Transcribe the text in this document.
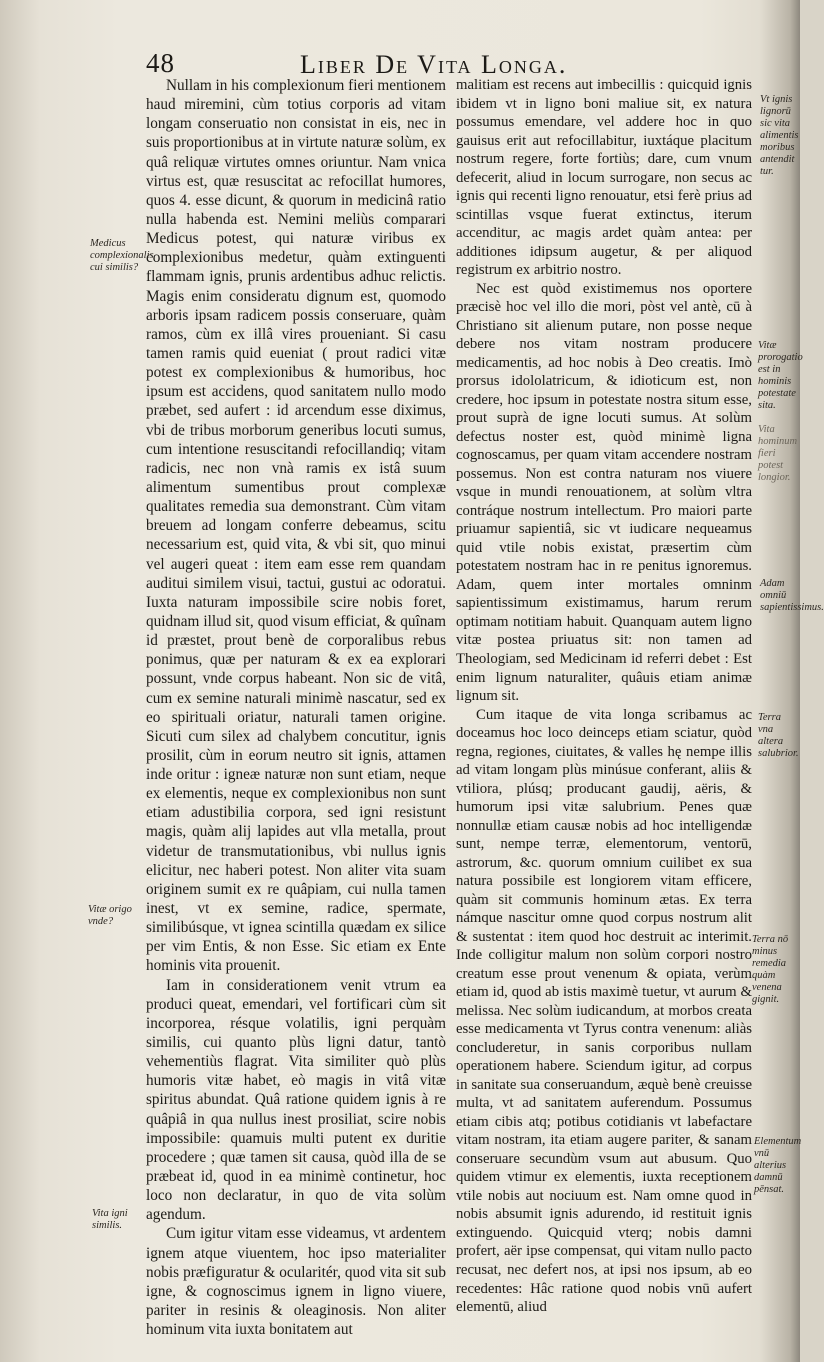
48	Liber De Vita Longa.

Nullam in his complexionum fieri mentionem haud miremini, cùm totius corporis ad vitam longam conseruatio non consistat in eis, nec in suis proportionibus at in virtute naturæ solùm, ex quâ reliquæ virtutes omnes oriuntur. Nam vnica virtus est, quæ resuscitat ac refocillat humores, quos 4. esse dicunt, & quorum in medicinâ ratio nulla habenda est. Nemini meliùs comparari Medicus potest, qui naturæ viribus ex complexionibus medetur, quàm extinguenti flammam ignis, prunis ardentibus adhuc relictis. Magis enim consideratu dignum est, quomodo arboris ipsam radicem possis conseruare, quàm ramos, cùm ex illâ vires proueniant. Si casu tamen ramis quid eueniat ( prout radici vitæ potest ex complexionibus & humoribus, hoc ipsum est accidens, quod sanitatem nullo modo præbet, sed aufert : id arcendum esse diximus, vbi de tribus morborum generibus locuti sumus, cum intentione resuscitandi refocillandiq; vitam radicis, nec non vnà ramis ex istâ suum alimentum sumentibus prout complexæ qualitates remedia sua demonstrant. Cùm vitam breuem ad longam conferre debeamus, scitu necessarium est, quid vita, & vbi sit, quo minui vel augeri queat : item eam esse rem quandam auditui similem visui, tactui, gustui ac odoratui. Iuxta naturam impossibile scire nobis foret, quidnam illud sit, quod visum efficiat, & quînam id præstet, prout benè de corporalibus rebus ponimus, quæ per naturam & ex ea explorari possunt, vnde corpus habeant. Non sic de vitâ, cum ex semine naturali minimè nascatur, sed ex eo spirituali oriatur, naturali tamen origine. Sicuti cum silex ad chalybem concutitur, ignis prosilit, cùm in eorum neutro sit ignis, attamen inde oritur : igneæ naturæ non sunt etiam, neque ex elementis, neque ex complexionibus non sunt etiam adustibilia corpora, sed igni resistunt magis, quàm alij lapides aut vlla metalla, prout videtur de transmutationibus, vbi nullus ignis elicitur, nec haberi potest. Non aliter vita suam originem sumit ex re quâpiam, cui nulla tamen inest, vt ex semine, radice, spermate, similibúsque, vt ignea scintilla quædam ex silice per vim Entis, & non Esse. Sic etiam ex Ente hominis vita prouenit.

Iam in considerationem venit vtrum ea produci queat, emendari, vel fortificari cùm sit incorporea, résque volatilis, igni perquàm similis, cui quanto plùs ligni datur, tantò vehementiùs flagrat. Vita similiter quò plùs humoris vitæ habet, eò magis in vitâ vitæ spiritus abundat. Quâ ratione quidem ignis à re quâpiâ in qua nullus inest prosiliat, scire nobis impossibile: quamuis multi putent ex duritie procedere ; quæ tamen sit causa, quòd illa de se præbeat id, quod in ea minimè continetur, hoc loco non declaratur, in quo de vita solùm agendum.

Cum igitur vitam esse videamus, vt ardentem ignem atque viuentem, hoc ipso materialiter nobis præfiguratur & ocularitér, quod vita sit sub igne, & cognoscimus ignem in ligno viuere, pariter in resinis & oleaginosis. Non aliter hominum vita iuxta bonitatem aut

malitiam est recens aut imbecillis : quicquid ignis ibidem vt in ligno boni maliue sit, ex natura possumus emendare, vel addere hoc in quo gauisus erit aut refocillabitur, iuxtáque placitum nostrum regere, forte fortiùs; dare, cum vnum defecerit, aliud in locum surrogare, non secus ac ignis qui recenti ligno renouatur, etsi ferè prius ad scintillas vsque fuerat extinctus, iterum accenditur, ac magis ardet quàm antea: per additiones idipsum augetur, & per aliquod registrum ex arbitrio nostro.

Nec est quòd existimemus nos oportere præcisè hoc vel illo die mori, pòst vel antè, cū à Christiano sit alienum putare, non posse neque debere nos vitam nostram producere medicamentis, ad hoc nobis à Deo creatis. Imò prorsus idololatricum, & idioticum est, non credere, hoc ipsum in potestate nostra situm esse, prout suprà de igne locuti sumus. At solùm defectus noster est, quòd minimè ligna cognoscamus, per quam vitam accendere nostram possemus. Non est contra naturam nos viuere vsque in mundi renouationem, at solùm vltra contráque nostrum intellectum. Pro maiori parte priuamur sapientiâ, sic vt iudicare nequeamus quid vtile nobis existat, præsertim cùm potestatem nostram hac in re penitus ignoremus. Adam, quem inter mortales omninm sapientissimum existimamus, harum rerum optimam notitiam habuit. Quanquam autem ligno vitæ postea priuatus sit: non tamen ad Theologiam, sed Medicinam id referri debet : Est enim lignum naturaliter, quâuis etiam animæ lignum sit.

Cum itaque de vita longa scribamus ac doceamus hoc loco deinceps etiam sciatur, quòd regna, regiones, ciuitates, & valles hę nempe illis ad vitam longam plùs minúsue conferant, aliis & vtiliora, plúsq; producant gaudij, aëris, & humorum ipsi vitæ salubrium. Penes quæ nonnullæ etiam causæ nobis ad hoc intelligendæ sunt, nempe terræ, elementorum, ventorū, astrorum, &c. quorum omnium cuilibet ex sua natura possibile est longiorem vitam efficere, quàm sit communis hominum ætas. Ex terra námque nascitur omne quod corpus nostrum alit & sustentat : item quod hoc destruit ac interimit. Inde colligitur malum non solùm corpori nostro creatum esse prout venenum & opiata, verùm etiam id, quod ab istis maximè tuetur, vt aurum & melissa. Nec solùm iudicandum, at morbos creata esse medicamenta vt Tyrus contra venenum: aliàs concluderetur, in sanis corporibus nullam operationem habere. Sciendum igitur, ad corpus in sanitate sua conseruandum, æquè benè creuisse multa, vt ad sanitatem auferendum. Possumus etiam cibis atq; potibus cotidianis vt labefactare vitam nostram, ita etiam augere pariter, & sanam conseruare secundùm vsum aut abusum. Quo quidem vtimur ex elementis, iuxta receptionem vtile nobis aut nociuum est. Nam omne quod in nobis absumit ignis adurendo, id restituit ignis extinguendo. Quicquid vterq; nobis damni profert, aër ipse compensat, qui vitam nullo pacto recusat, nec defert nos, at ipsi nos ipsum, ab eo recedentes: Hâc ratione quod nobis vnū aufert elementū, aliud

Medicus complexionalis cui similis?
Vitæ origo vnde?
Vita igni similis.
Vt ignis lignorū sic vita alimentis moribus antendit tur.
Vitæ prorogatio est in hominis potestate sita.
Vita hominum fieri potest longior.
Adam omniū sapientissimus.
Terra vna altera salubrior.
Terra nō minus remedia quàm venena gignit.
Elementum vnū alterius damnū pēnsat.
